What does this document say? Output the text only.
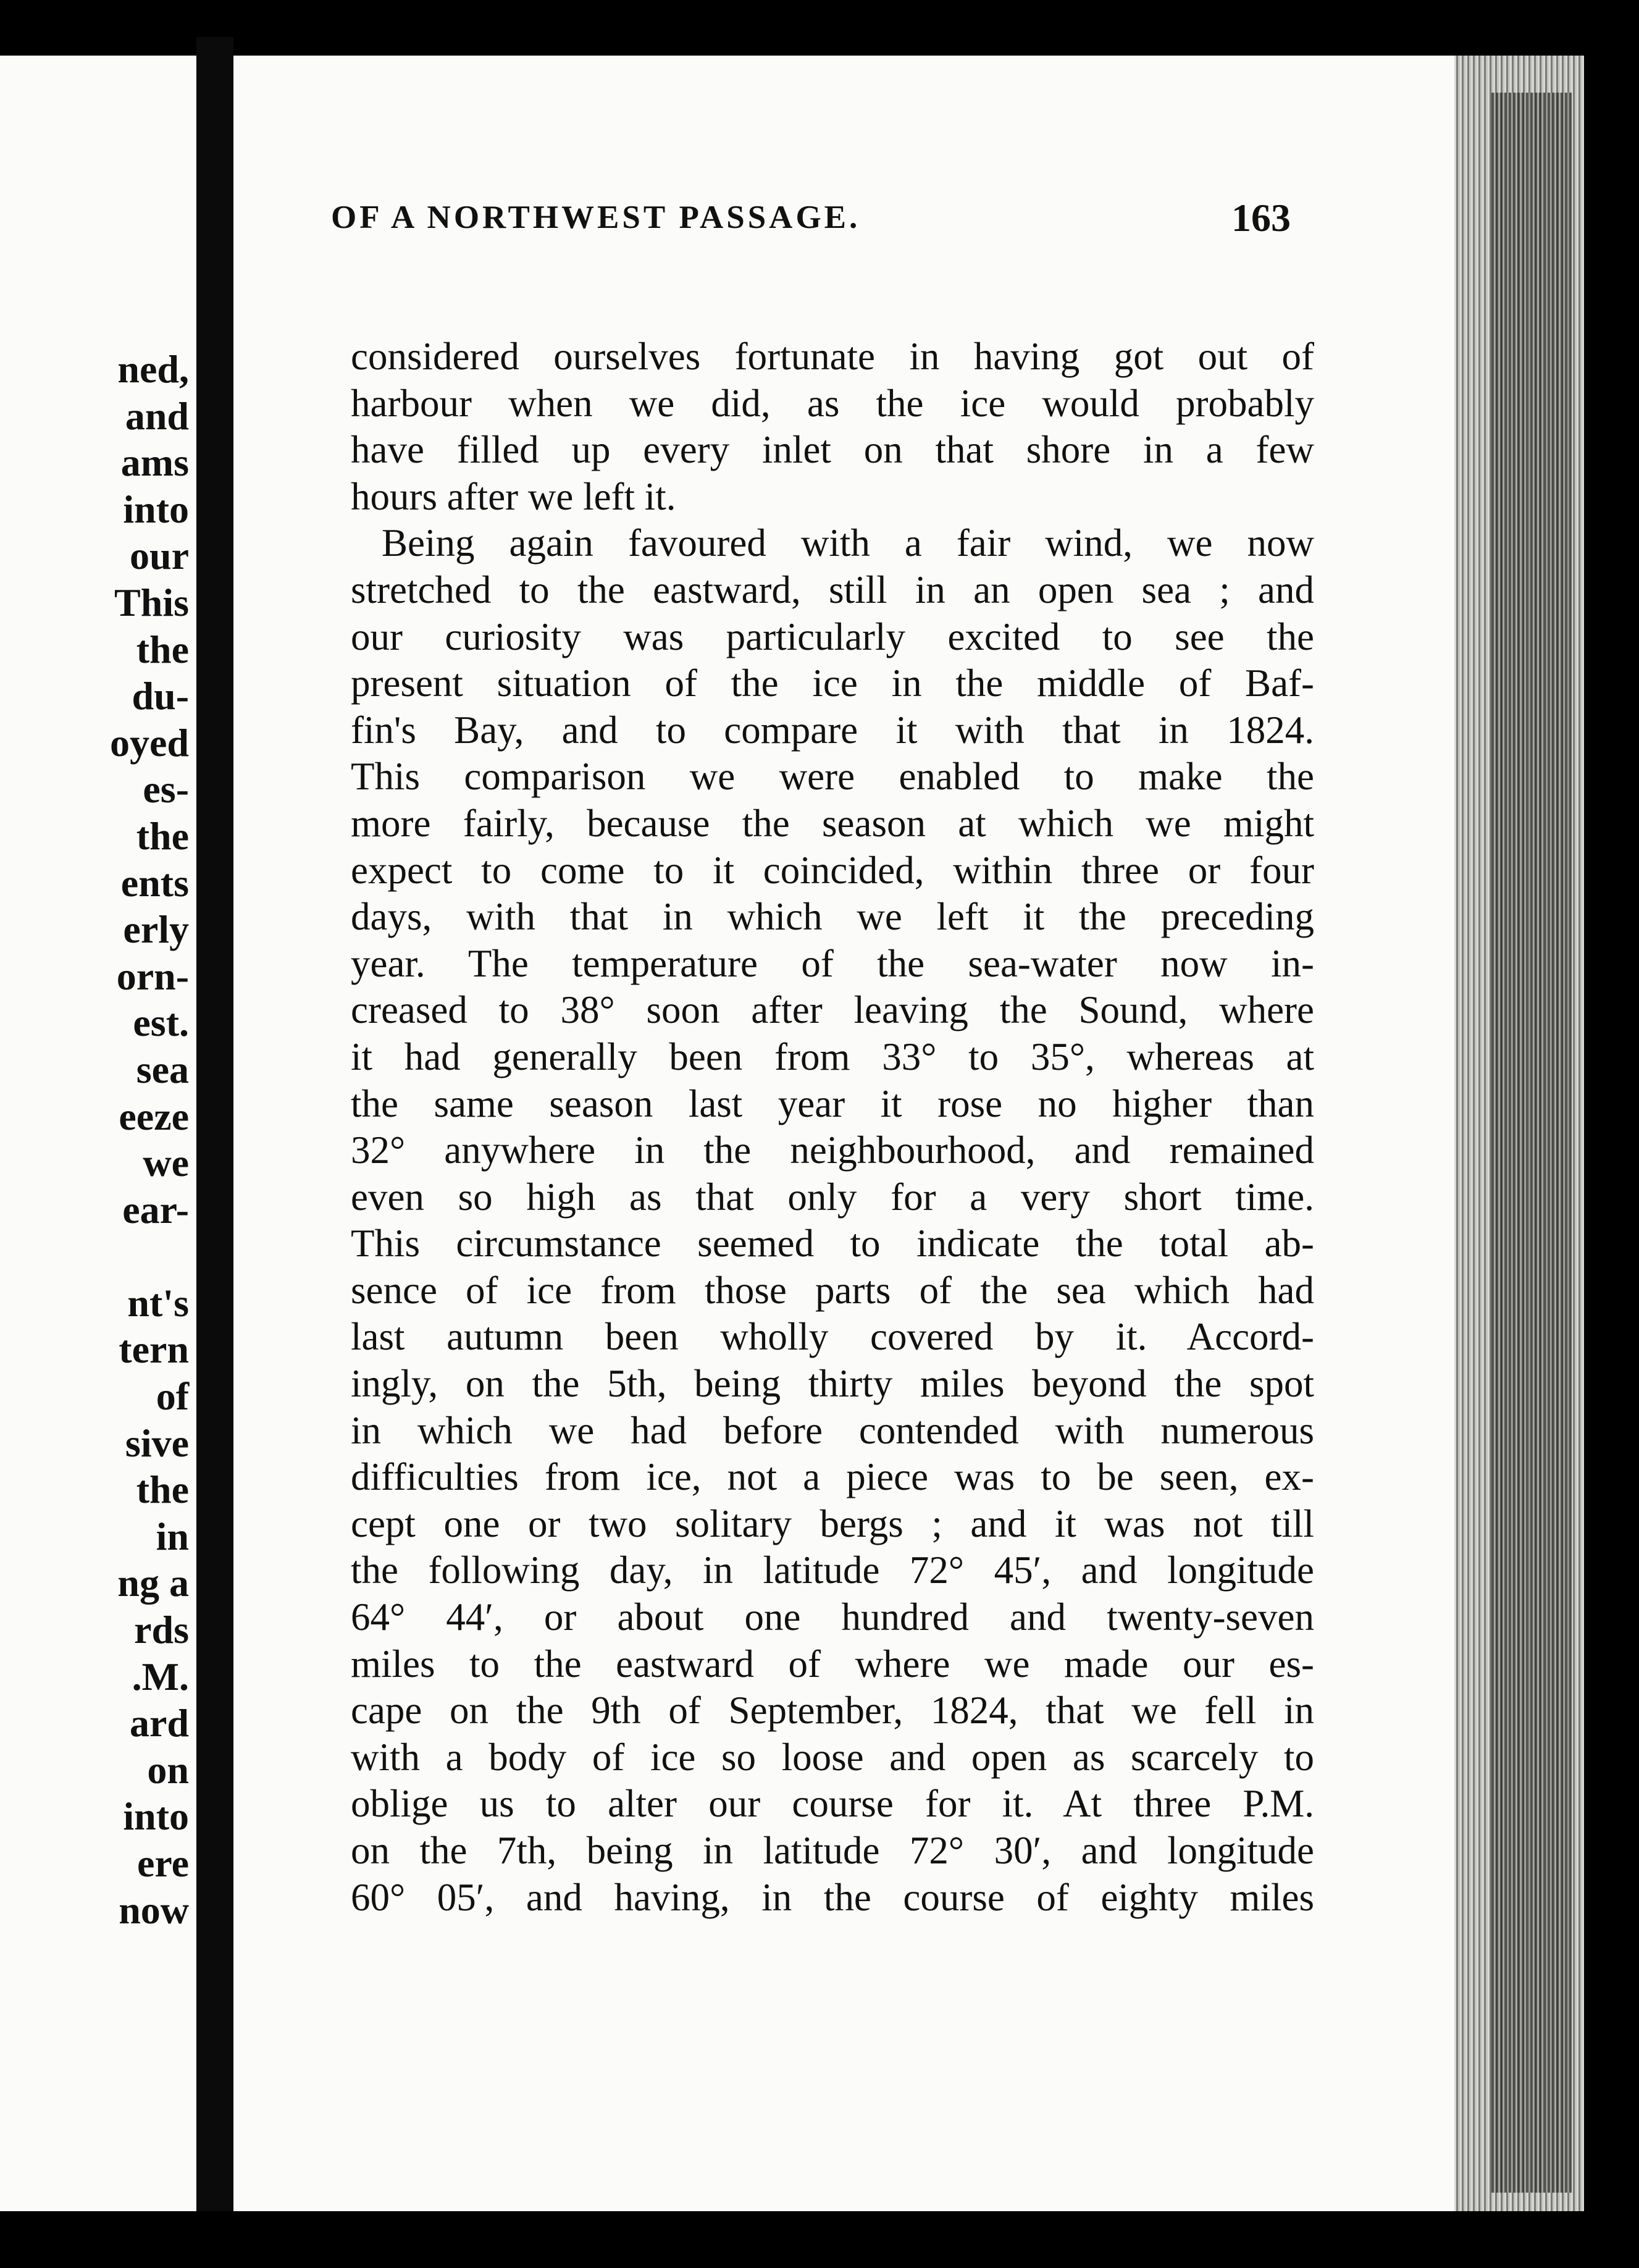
ned,
and
ams
into
our
This
the
du-
oyed
es-
the
ents
erly
orn-
est.
sea
eeze
we
ear-

nt's
tern
of
sive
the
in
ng a
rds
.M.
ard
on
into
ere
now
OF A NORTHWEST PASSAGE.	163

considered ourselves fortunate in having got out of
harbour when we did, as the ice would probably
have filled up every inlet on that shore in a few
hours after we left it.

Being again favoured with a fair wind, we now
stretched to the eastward, still in an open sea ; and
our curiosity was particularly excited to see the
present situation of the ice in the middle of Baf-
fin's Bay, and to compare it with that in 1824.
This comparison we were enabled to make the
more fairly, because the season at which we might
expect to come to it coincided, within three or four
days, with that in which we left it the preceding
year. The temperature of the sea-water now in-
creased to 38° soon after leaving the Sound, where
it had generally been from 33° to 35°, whereas at
the same season last year it rose no higher than
32° anywhere in the neighbourhood, and remained
even so high as that only for a very short time.
This circumstance seemed to indicate the total ab-
sence of ice from those parts of the sea which had
last autumn been wholly covered by it. Accord-
ingly, on the 5th, being thirty miles beyond the spot
in which we had before contended with numerous
difficulties from ice, not a piece was to be seen, ex-
cept one or two solitary bergs ; and it was not till
the following day, in latitude 72° 45′, and longitude
64° 44′, or about one hundred and twenty-seven
miles to the eastward of where we made our es-
cape on the 9th of September, 1824, that we fell in
with a body of ice so loose and open as scarcely to
oblige us to alter our course for it. At three P.M.
on the 7th, being in latitude 72° 30′, and longitude
60° 05′, and having, in the course of eighty miles
